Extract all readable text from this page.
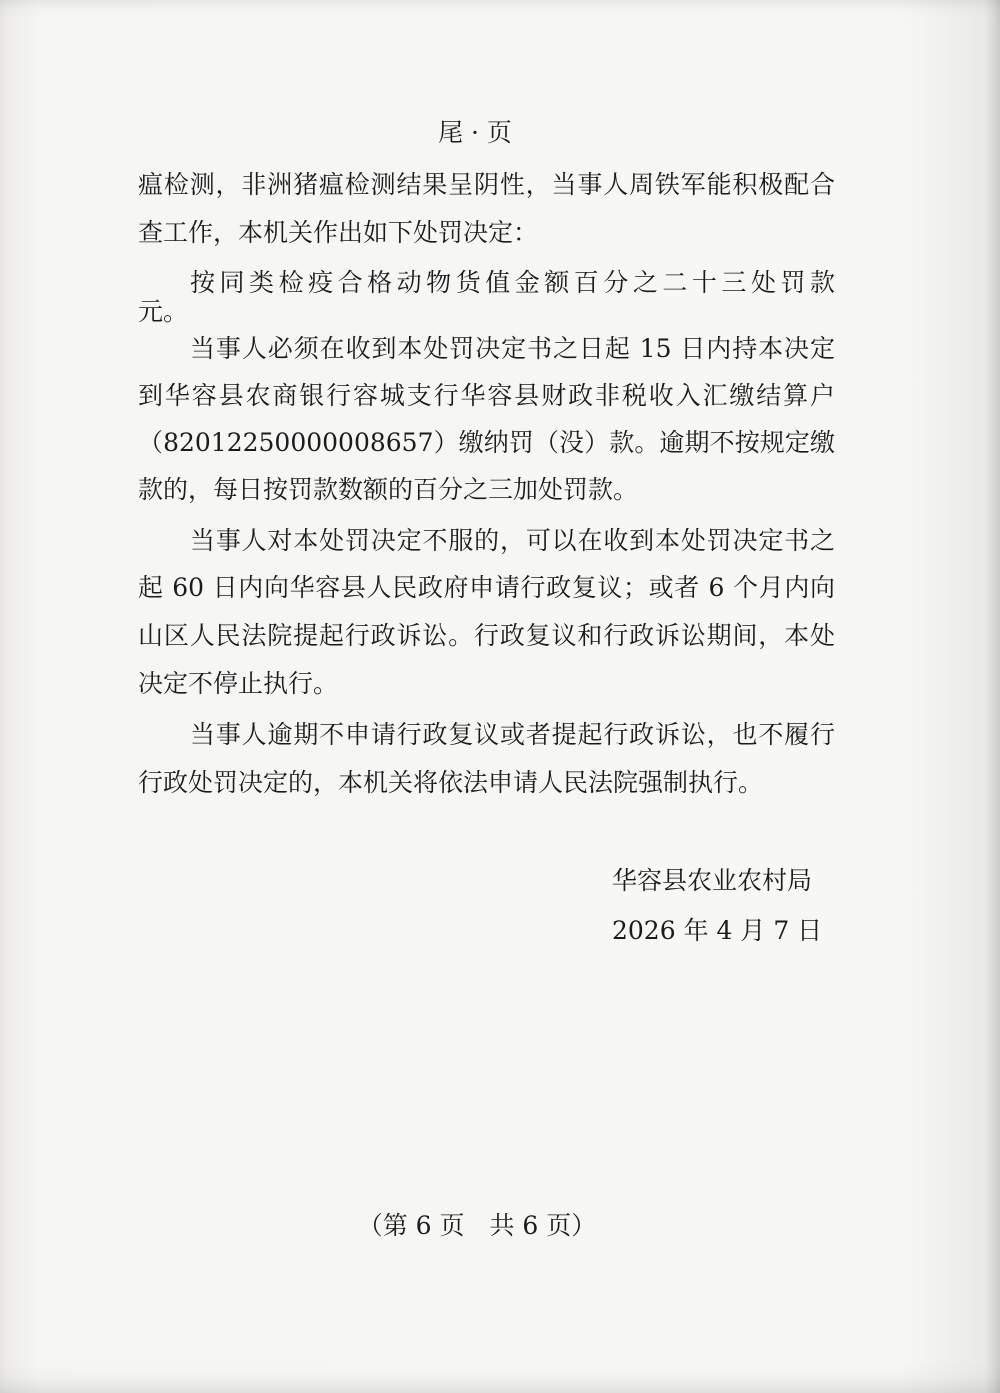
尾 · 页
瘟检测，非洲猪瘟检测结果呈阴性，当事人周铁军能积极配合
查工作，本机关作出如下处罚决定：
按同类检疫合格动物货值金额百分之二十三处罚款
元。
当事人必须在收到本处罚决定书之日起 15 日内持本决定
到华容县农商银行容城支行华容县财政非税收入汇缴结算户
（82012250000008657）缴纳罚（没）款。逾期不按规定缴
款的，每日按罚款数额的百分之三加处罚款。
当事人对本处罚决定不服的，可以在收到本处罚决定书之
起 60 日内向华容县人民政府申请行政复议；或者 6 个月内向
山区人民法院提起行政诉讼。行政复议和行政诉讼期间，本处
决定不停止执行。
当事人逾期不申请行政复议或者提起行政诉讼，也不履行
行政处罚决定的，本机关将依法申请人民法院强制执行。
华容县农业农村局
2026 年 4 月 7 日
（第 6 页　共 6 页）
